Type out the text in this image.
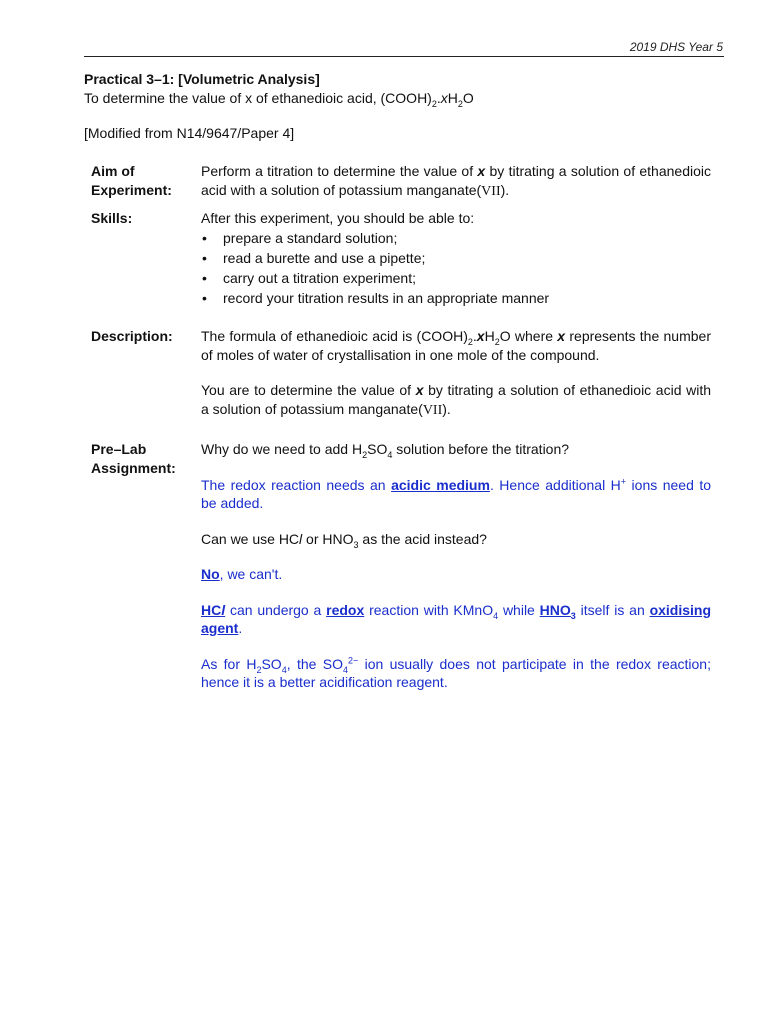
2019 DHS Year 5
Practical 3–1: [Volumetric Analysis]
To determine the value of x of ethanedioic acid, $(COOH)_2.xH_2O$
[Modified from N14/9647/Paper 4]
Aim of Experiment:

Perform a titration to determine the value of x by titrating a solution of ethanedioic acid with a solution of potassium manganate(VII).

Skills:	After this experiment, you should be able to:

• prepare a standard solution;
• read a burette and use a pipette;
• carry out a titration experiment;
• record your titration results in an appropriate manner
Description:	The formula of ethanedioic acid is $(COOH)_2.xH_2O$ where x represents the number of moles of water of crystallisation in one mole of the compound.

You are to determine the value of x by titrating a solution of ethanedioic acid with a solution of potassium manganate(VII).

Pre–Lab Assignment:

Why do we need to add $H_2SO_4$ solution before the titration?

The redox reaction needs an acidic medium. Hence additional H+ ions need to be added.

Can we use HCl or $HNO_3$ as the acid instead?

No, we can't.

HCl can undergo a redox reaction with KMnO$_4$ while $HNO_3$ itself is an oxidising agent.

As for $H_2SO_4$, the $SO_4^{2-}$ ion usually does not participate in the redox reaction; hence it is a better acidification reagent.
